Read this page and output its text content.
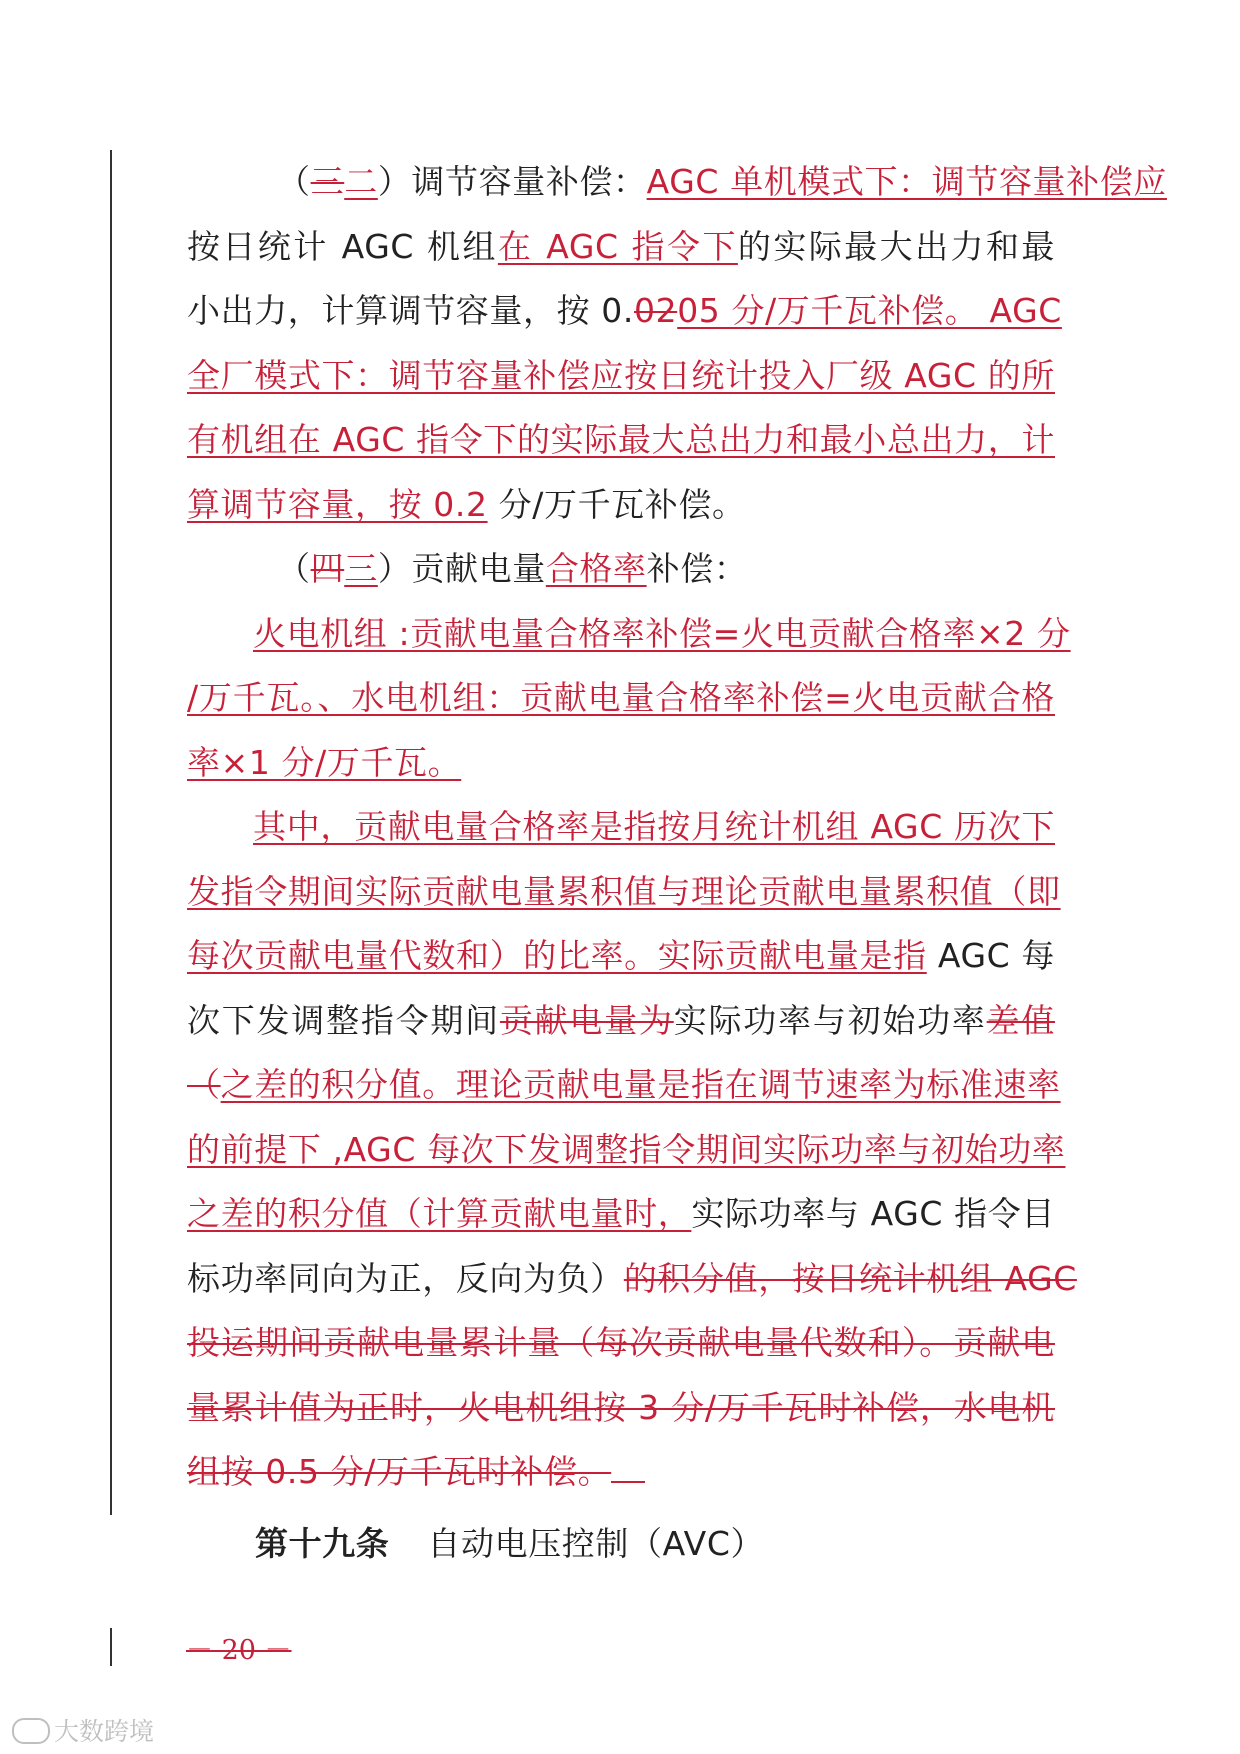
（三二）调节容量补偿：AGC 单机模式下：调节容量补偿应
按日统计 AGC 机组在 AGC 指令下的实际最大出力和最
小出力，计算调节容量，按 0.0205 分/万千瓦补偿。 AGC
全厂模式下：调节容量补偿应按日统计投入厂级 AGC 的所
有机组在 AGC 指令下的实际最大总出力和最小总出力，计
算调节容量，按 0.2 分/万千瓦补偿。
（四三）贡献电量合格率补偿：
火电机组 :贡献电量合格率补偿=火电贡献合格率×2 分
/万千瓦。、水电机组：贡献电量合格率补偿=火电贡献合格
率×1 分/万千瓦。
其中，贡献电量合格率是指按月统计机组 AGC 历次下
发指令期间实际贡献电量累积值与理论贡献电量累积值（即
每次贡献电量代数和）的比率。实际贡献电量是指 AGC 每
次下发调整指令期间贡献电量为实际功率与初始功率差值
（之差的积分值。理论贡献电量是指在调节速率为标准速率
的前提下 ,AGC 每次下发调整指令期间实际功率与初始功率
之差的积分值（计算贡献电量时，实际功率与 AGC 指令目
标功率同向为正，反向为负）的积分值，按日统计机组 AGC
投运期间贡献电量累计量（每次贡献电量代数和）。贡献电
量累计值为正时，火电机组按 3 分/万千瓦时补偿，水电机
组按 0.5 分/万千瓦时补偿。
第十九条 自动电压控制（AVC）
－ 20 －
大数跨境
